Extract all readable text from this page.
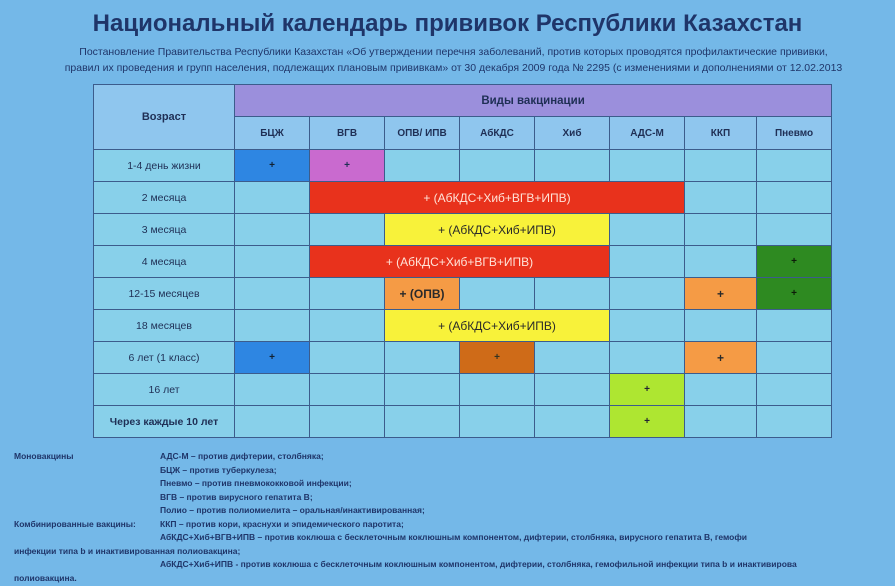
Национальный календарь прививок Республики Казахстан
Постановление Правительства Республики Казахстан «Об утверждении перечня заболеваний, против которых проводятся профилактические прививки,
правил их проведения и групп населения, подлежащих плановым прививкам» от 30 декабря 2009 года № 2295 (с изменениями и дополнениями от 12.02.2013
Возраст	Виды вакцинации								
	БЦЖ	ВГВ	ОПВ/ ИПВ	АбКДС	Хиб	АДС-М	ККП	Пневмо	
1-4 день жизни	+	+							
2 месяца		+ (АбКДС+Хиб+ВГВ+ИПВ)			
3 месяца			+ (АбКДС+Хиб+ИПВ)						
4 месяца		+ (АбКДС+Хиб+ВГВ+ИПВ)						+	
12-15 месяцев			+ (ОПВ)				+	+	
18 месяцев			+ (АбКДС+Хиб+ИПВ)						
6 лет (1 класс)	+			+			+		
16 лет						+			
Через каждые 10 лет						+			
Моновакцины	АДС-М – против дифтерии, столбняка;
БЦЖ – против туберкулеза;
Пневмо – против пневмококковой инфекции;
ВГВ – против вирусного гепатита В;
Полио – против полиомиелита – оральная/инактивированная;
Комбинированные вакцины:	ККП – против кори, краснухи и эпидемического паротита;
АбКДС+Хиб+ВГВ+ИПВ – против коклюша с бесклеточным коклюшным компонентом, дифтерии, столбняка, вирусного гепатита В, гемофи
инфекции типа b и инактивированная полиовакцина;
АбКДС+Хиб+ИПВ - против коклюша с бесклеточным коклюшным компонентом, дифтерии, столбняка, гемофильной инфекции типа b и инактивирова
полиовакцина.
